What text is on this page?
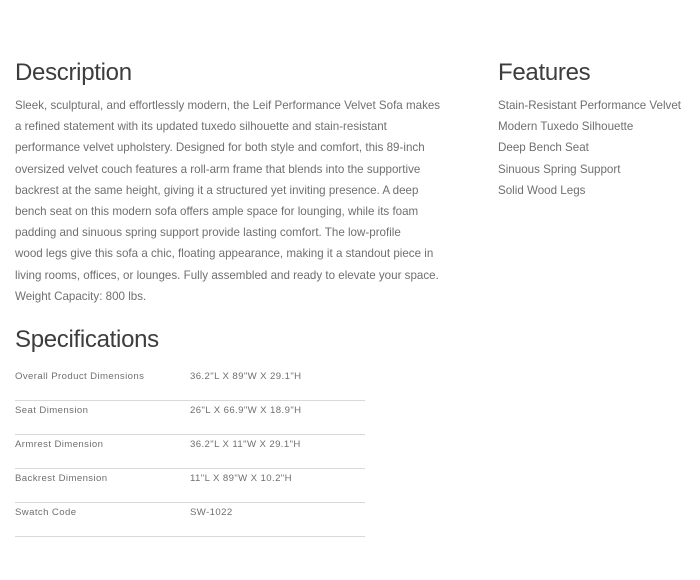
Description
Sleek, sculptural, and effortlessly modern, the Leif Performance Velvet Sofa makes
a refined statement with its updated tuxedo silhouette and stain-resistant
performance velvet upholstery. Designed for both style and comfort, this 89-inch
oversized velvet couch features a roll-arm frame that blends into the supportive
backrest at the same height, giving it a structured yet inviting presence. A deep
bench seat on this modern sofa offers ample space for lounging, while its foam
padding and sinuous spring support provide lasting comfort. The low-profile
wood legs give this sofa a chic, floating appearance, making it a standout piece in
living rooms, offices, or lounges. Fully assembled and ready to elevate your space.
Weight Capacity: 800 lbs.
Features
Stain-Resistant Performance Velvet
Modern Tuxedo Silhouette
Deep Bench Seat
Sinuous Spring Support
Solid Wood Legs
Specifications
Overall Product Dimensions	36.2"L X 89"W X 29.1"H
Seat Dimension	26"L X 66.9"W X 18.9"H
Armrest Dimension	36.2"L X 11"W X 29.1"H
Backrest Dimension	11"L X 89"W X 10.2"H
Swatch Code	SW-1022
